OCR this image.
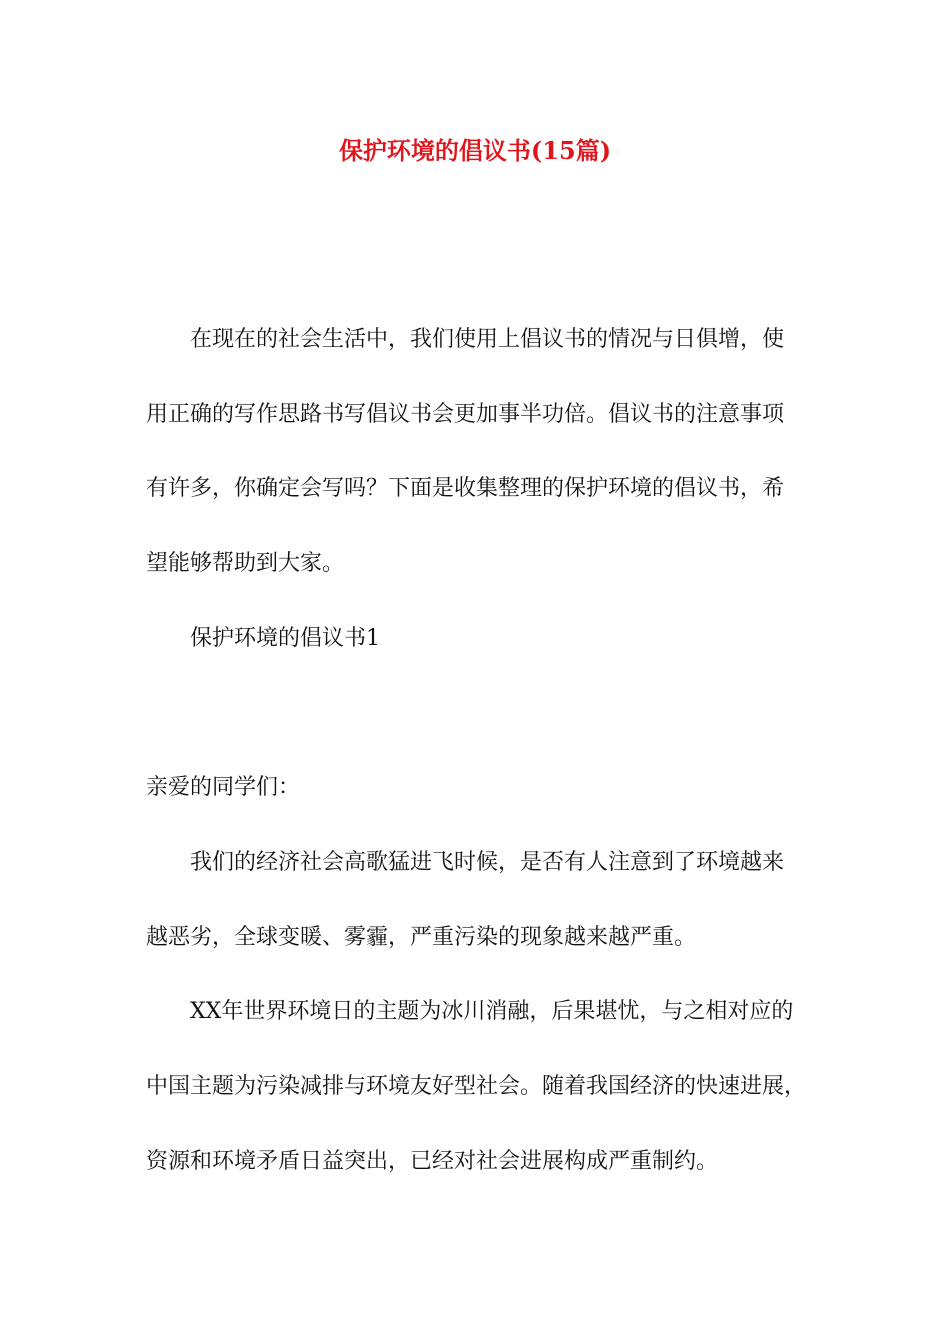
保护环境的倡议书(15篇)
在现在的社会生活中，我们使用上倡议书的情况与日俱增，使
用正确的写作思路书写倡议书会更加事半功倍。倡议书的注意事项
有许多，你确定会写吗？下面是收集整理的保护环境的倡议书，希
望能够帮助到大家。
保护环境的倡议书1
亲爱的同学们：
我们的经济社会高歌猛进飞时候，是否有人注意到了环境越来
越恶劣，全球变暖、雾霾，严重污染的现象越来越严重。
XX年世界环境日的主题为冰川消融，后果堪忧，与之相对应的
中国主题为污染减排与环境友好型社会。随着我国经济的快速进展，
资源和环境矛盾日益突出，已经对社会进展构成严重制约。
